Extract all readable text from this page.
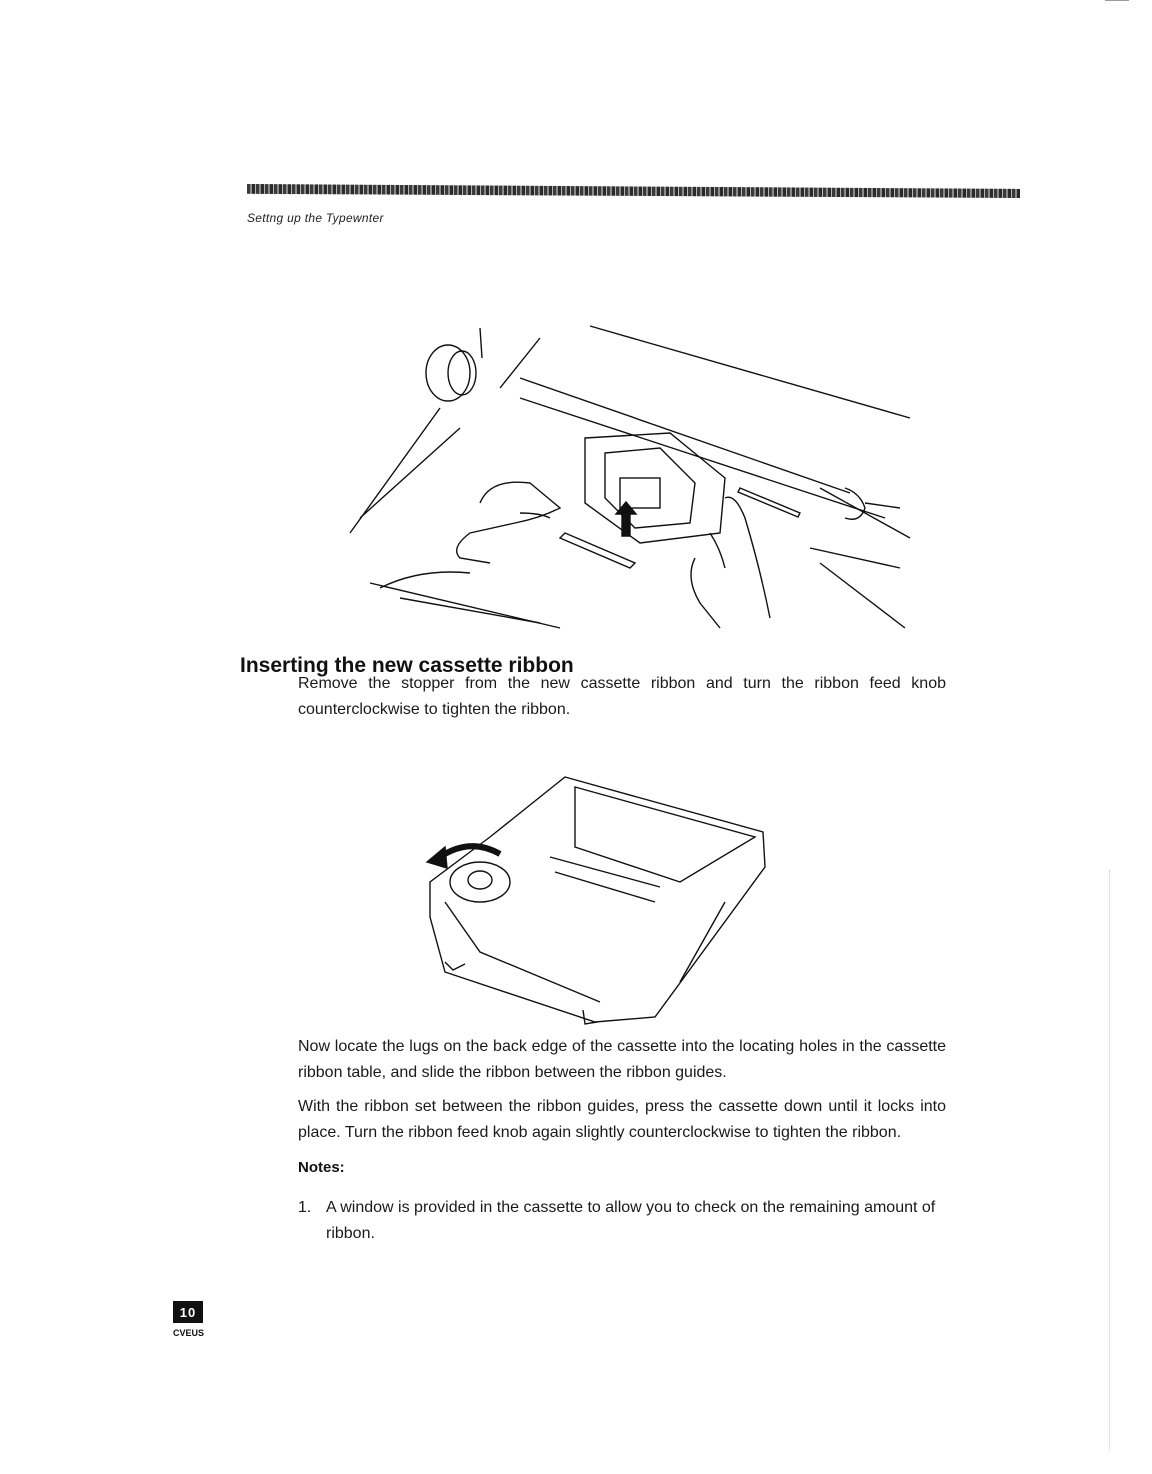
Settng up the Typewnter
Inserting the new cassette ribbon
Remove the stopper from the new cassette ribbon and turn the ribbon feed knob counterclockwise to tighten the ribbon.
Now locate the lugs on the back edge of the cassette into the locating holes in the cassette ribbon table, and slide the ribbon between the ribbon guides.
With the ribbon set between the ribbon guides, press the cassette down until it locks into place. Turn the ribbon feed knob again slightly counterclockwise to tighten the ribbon.
Notes:
1. A window is provided in the cassette to allow you to check on the remaining amount of ribbon.
10
CVEUS
